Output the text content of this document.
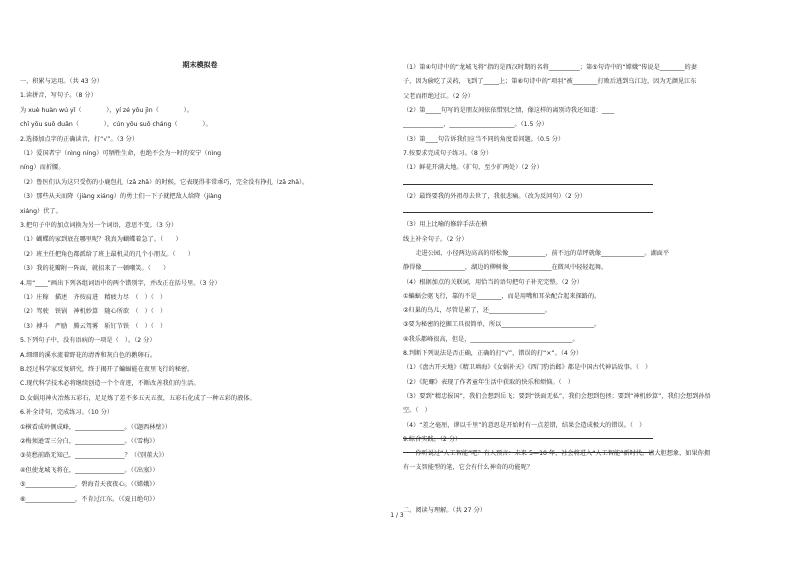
期末模拟卷
一、积累与运用。（共 43 分）
1.读拼音，写句子。（8 分）
为 xuè huàn wú yǐ（　　　　），yí zé yōu jìn（　　　　）。
chī yōu suō duǎn（　　　　），cún yōu suō cháng（　　　　）。
2.选择加点字的正确读音，打“√”。（3 分）
（1）爱国者宁（nìng níng）可牺牲生命，也绝不会为一时的安宁（nìng
níng）而折腰。
（2）鲁医们认为这只受伤的小鹿包扎（zā zhā）的时候，它表现得非常乖巧，完全没有挣扎（zā zhā）。
（3）那些从天而降（jiàng xiáng）的勇士们一下子就把敌人给降（jiàng
xiáng）伏了。
3.把句子中的加点词换为另一个词语，意思不变。（3 分）
（1）蝴蝶的家到底在哪里呢？我真为蝴蝶着急了。（　　）
（2）班主任把角色都派给了班上最机灵的几个小朋友。（　　）
（3）我的花瓣附一阵面，就招来了一顿嘲笑。（　　）
4.用“____”画出下列各组词语中的两个错别字，并改正在括号里。（3 分）
（1）庄稼　描述　齐按肩进　精疲力尽　（　）（　）
（2）驾驶　铁锅　神机妙算　随心所欲　（　）（　）
（3）搏斗　严励　腾云驾雾　斩钉节铁　（　）（　）
5.下列句子中，没有语病的一项是（　）。（2 分）
A.细细的溪水流着野花的清香和灰白色的鹅卵石。
B.经过科学家反复研究，终于揭开了蝙蝠能在夜里飞行的秘密。
C.现代科学技术必将继续创造一个个奇迹，不断改善我们的生活。
D.女娲用神火冶炼五彩石，足足炼了差不多五天五夜，五彩石化成了一种五彩的液体。
6.补全诗句，完成练习。（10 分）
①横看成岭侧成峰，________________。（《题西林壁》）
②梅须逊雪三分白，________________。（《雪梅》）
③莫愁前路无知己，________________？（《别董大》）
④但使龙城飞将在，________________。（《出塞》）
⑤________________，碧海青天夜夜心。（《嫦娥》）
⑥________________，不肯过江东。（《夏日绝句》）
（1）第④句诗中的“龙城飞将”指的是西汉时期的名将__________；第⑤句诗中的“嫦娥”传说是________的妻
子，因为偷吃了灵药，飞到了_____上；第⑥句诗中的“项羽”被________打败后逃到乌江边，因为无颜见江东
父老而拒绝过江。（2 分）
（2）第_____句写的是朋友间依依惜别之情，像这样的离别诗我还知道：____
_____________，_____________________。（1.5 分）
（3）第____句告诉我们应当不同的角度看问题。（0.5 分）
7.按要求完成句子练习。（8 分）
（1）鲜花开满大地。（扩句，至少扩两处）（2 分）
（2）最终要我的外祖母去世了，我很悲痛。（改为反问句）（2 分）
（3）用上比喻的修辞手法在横
线上补全句子。（2 分）
　　走进公园，小径两边高高的塔松像____________，前不远的草坪就像______________。湖面平
静得像______________，湖边的柳树像______________在微风中轻轻起舞。
（4）根据加点的关联词，用恰当的语句把句子补充完整。（2 分）
①蝙蝠会驱飞行，靠的不是________，而是用嘴和耳朵配合起来探路的。
②归巢的鸟儿，尽管是累了，还__________________。
③要为秘密的挖掘工具很简单，所以______________________________。
④我乐都峰很高，但是，_________________________________。
8.判断下列说法是否正确，正确的打“√”，错误的打“×”。（4 分）
（1）《盘古开天地》《精卫填海》《女娲补天》《西门豹治邺》都是中国古代神话故事。（　）
（2）《陀螺》表现了作者童年生活中获取的快乐和烦恼。（　）
（3）要到“精忠报国”，我们会想到岳飞；要到“铁面无私”，我们会想到包拯；要到“神机妙算”，我们会想到孙悟
空。（　）
（4）“差之毫厘，谬以千里”的意思是开始时有一点差错，结果会造成极大的错误。（　）
9.综合实践。（2 分）
　　你听说过“人工智能”吧？有人预言：未来 5—10 年，社会将进入“人工智能”新时代。请大胆想象，如果你拥
有一支智能型的笔，它会有什么神奇的功能呢？
二、阅读与理解。（共 27 分）
1 / 3
